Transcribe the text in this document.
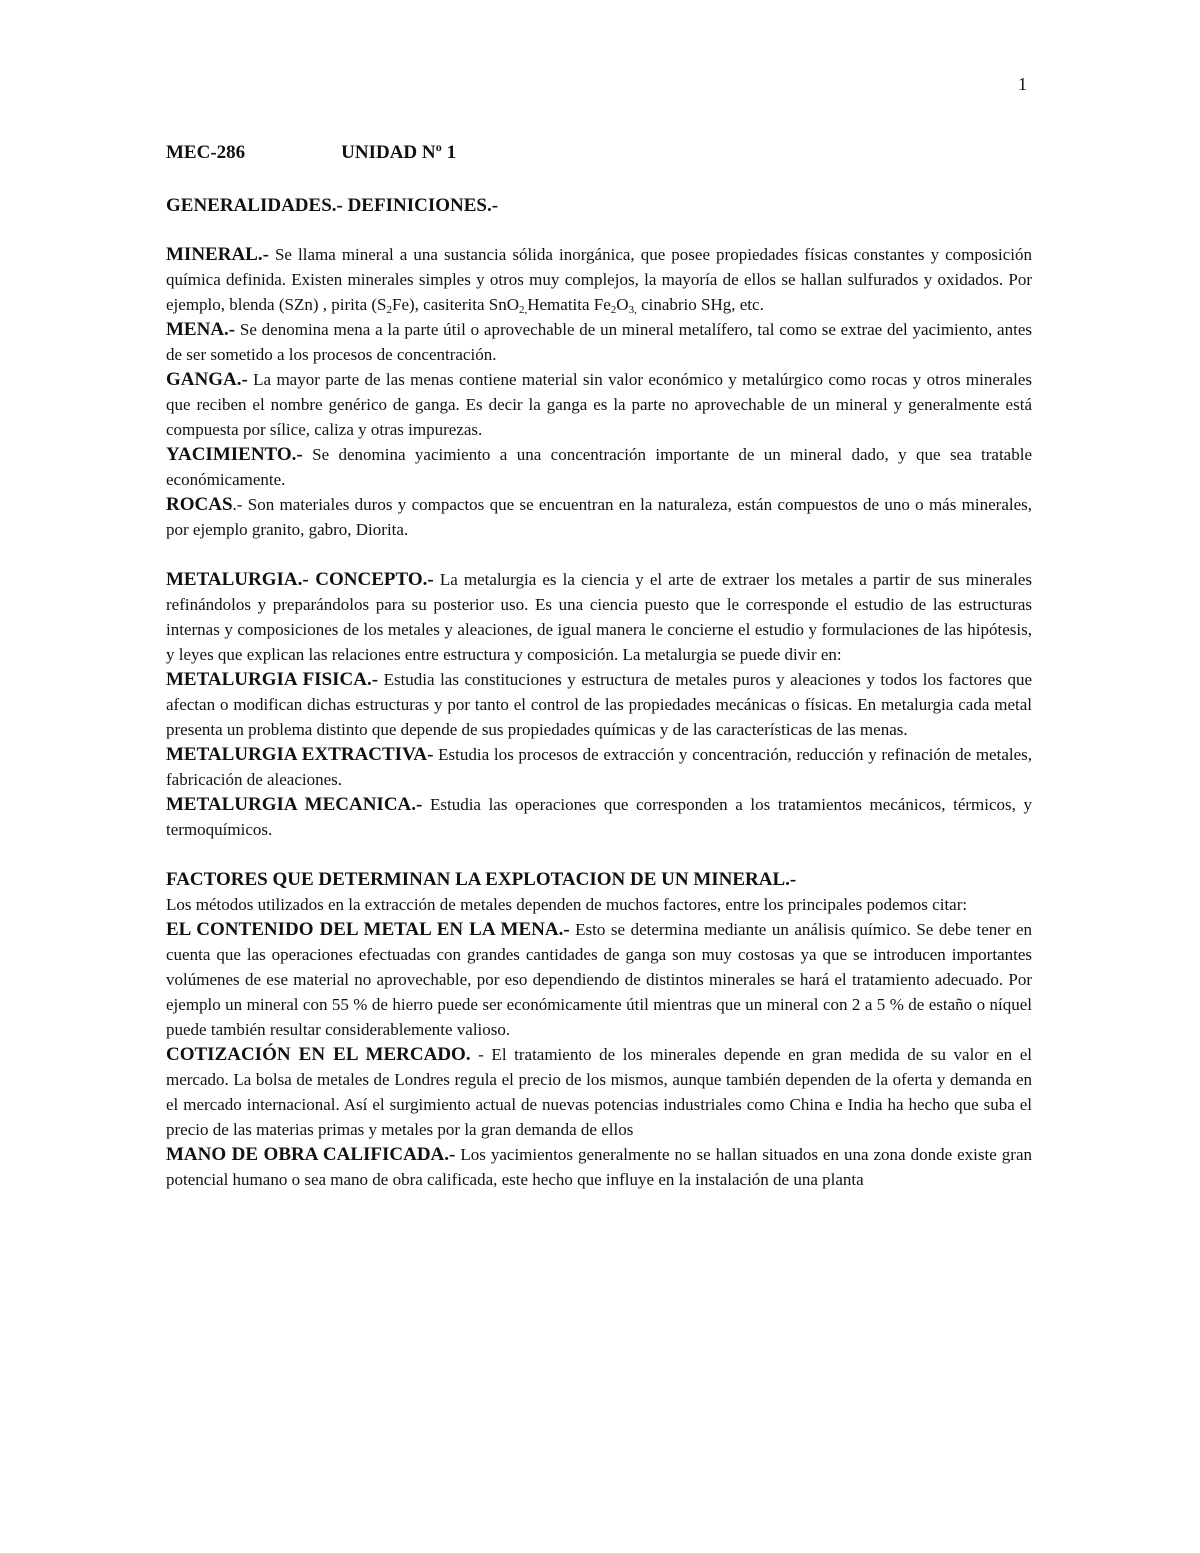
1
MEC-286	UNIDAD Nº 1
GENERALIDADES.- DEFINICIONES.-

MINERAL.- Se llama mineral a una sustancia sólida inorgánica, que posee propiedades físicas constantes y composición química definida. Existen minerales simples y otros muy complejos, la mayoría de ellos se hallan sulfurados y oxidados. Por ejemplo, blenda (SZn) , pirita $(S_2Fe)$, casiterita SnO$_{2,}$Hematita $Fe_2O_{3,}$ cinabrio SHg, etc.

MENA.- Se denomina mena a la parte útil o aprovechable de un mineral metalífero, tal como se extrae del yacimiento, antes de ser sometido a los procesos de concentración.

GANGA.- La mayor parte de las menas contiene material sin valor económico y metalúrgico como rocas y otros minerales que reciben el nombre genérico de ganga. Es decir la ganga es la parte no aprovechable de un mineral y generalmente está compuesta por sílice, caliza y otras impurezas.

YACIMIENTO.- Se denomina yacimiento a una concentración importante de un mineral dado, y que sea tratable económicamente.

ROCAS.- Son materiales duros y compactos que se encuentran en la naturaleza, están compuestos de uno o más minerales, por ejemplo granito, gabro, Diorita.

METALURGIA.- CONCEPTO.- La metalurgia es la ciencia y el arte de extraer los metales a partir de sus minerales refinándolos y preparándolos para su posterior uso. Es una ciencia puesto que le corresponde el estudio de las estructuras internas y composiciones de los metales y aleaciones, de igual manera le concierne el estudio y formulaciones de las hipótesis, y leyes que explican las relaciones entre estructura y composición. La metalurgia se puede divir en:

METALURGIA FISICA.- Estudia las constituciones y estructura de metales puros y aleaciones y todos los factores que afectan o modifican dichas estructuras y por tanto el control de las propiedades mecánicas o físicas. En metalurgia cada metal presenta un problema distinto que depende de sus propiedades químicas y de las características de las menas.

METALURGIA EXTRACTIVA- Estudia los procesos de extracción y concentración, reducción y refinación de metales, fabricación de aleaciones.

METALURGIA MECANICA.- Estudia las operaciones que corresponden a los tratamientos mecánicos, térmicos, y termoquímicos.

FACTORES QUE DETERMINAN LA EXPLOTACION DE UN MINERAL.-

Los métodos utilizados en la extracción de metales dependen de muchos factores, entre los principales podemos citar:

EL CONTENIDO DEL METAL EN LA MENA.- Esto se determina mediante un análisis químico. Se debe tener en cuenta que las operaciones efectuadas con grandes cantidades de ganga son muy costosas ya que se introducen importantes volúmenes de ese material no aprovechable, por eso dependiendo de distintos minerales se hará el tratamiento adecuado. Por ejemplo un mineral con 55 % de hierro puede ser económicamente útil mientras que un mineral con 2 a 5 % de estaño o níquel puede también resultar considerablemente valioso.

COTIZACIÓN EN EL MERCADO. - El tratamiento de los minerales depende en gran medida de su valor en el mercado. La bolsa de metales de Londres regula el precio de los mismos, aunque también dependen de la oferta y demanda en el mercado internacional. Así el surgimiento actual de nuevas potencias industriales como China e India ha hecho que suba el precio de las materias primas y metales por la gran demanda de ellos

MANO DE OBRA CALIFICADA.- Los yacimientos generalmente no se hallan situados en una zona donde existe gran potencial humano o sea mano de obra calificada, este hecho que influye en la instalación de una planta
